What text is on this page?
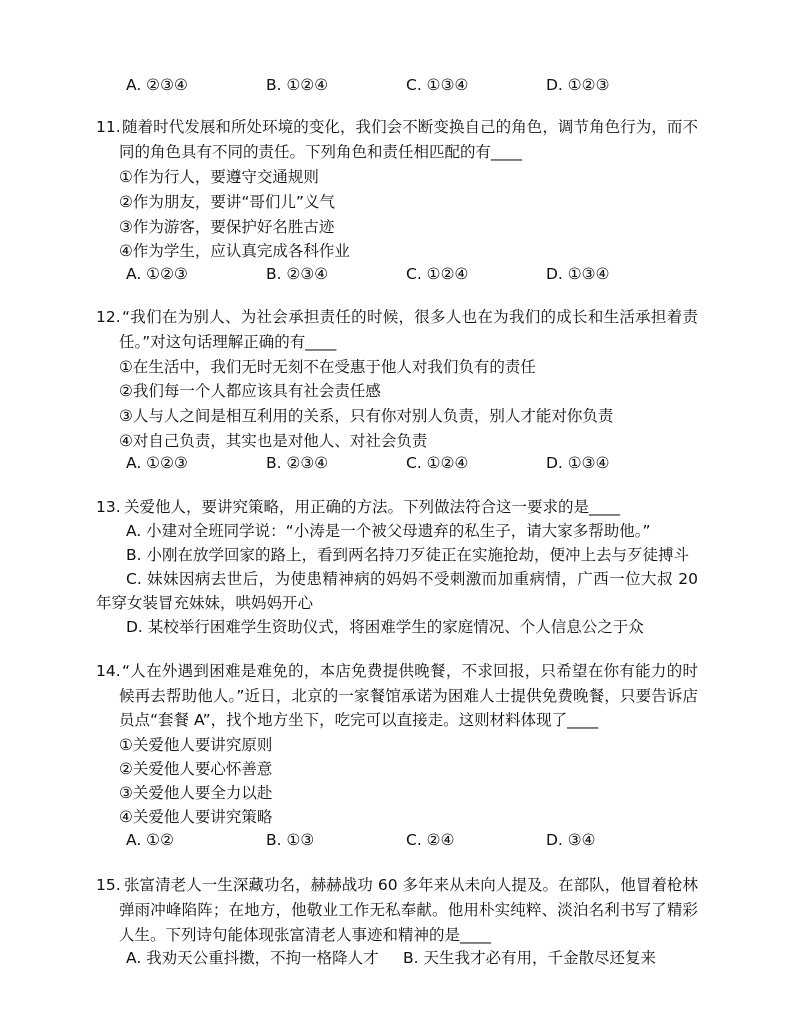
A. ②③④	B. ①②④	C. ①③④	D. ①②③
11. 随着时代发展和所处环境的变化，我们会不断变换自己的角色，调节角色行为，而不
同的角色具有不同的责任。下列角色和责任相匹配的有____
①作为行人，要遵守交通规则
②作为朋友，要讲“哥们儿”义气
③作为游客，要保护好名胜古迹
④作为学生，应认真完成各科作业
A. ①②③	B. ②③④	C. ①②④	D. ①③④
12. “我们在为别人、为社会承担责任的时候，很多人也在为我们的成长和生活承担着责
任。”对这句话理解正确的有____
①在生活中，我们无时无刻不在受惠于他人对我们负有的责任
②我们每一个人都应该具有社会责任感
③人与人之间是相互利用的关系，只有你对别人负责，别人才能对你负责
④对自己负责，其实也是对他人、对社会负责
A. ①②③	B. ②③④	C. ①②④	D. ①③④
13. 关爱他人，要讲究策略，用正确的方法。下列做法符合这一要求的是____
A. 小建对全班同学说：“小涛是一个被父母遗弃的私生子，请大家多帮助他。”
B. 小刚在放学回家的路上，看到两名持刀歹徒正在实施抢劫，便冲上去与歹徒搏斗
C. 妹妹因病去世后，为使患精神病的妈妈不受刺激而加重病情，广西一位大叔 20
年穿女装冒充妹妹，哄妈妈开心
D. 某校举行困难学生资助仪式，将困难学生的家庭情况、个人信息公之于众
14. “人在外遇到困难是难免的，本店免费提供晚餐，不求回报，只希望在你有能力的时
候再去帮助他人。”近日，北京的一家餐馆承诺为困难人士提供免费晚餐，只要告诉店
员点“套餐 A”，找个地方坐下，吃完可以直接走。这则材料体现了____
①关爱他人要讲究原则
②关爱他人要心怀善意
③关爱他人要全力以赴
④关爱他人要讲究策略
A. ①②	B. ①③	C. ②④	D. ③④
15. 张富清老人一生深藏功名，赫赫战功 60 多年来从未向人提及。在部队，他冒着枪林
弹雨冲峰陷阵；在地方，他敬业工作无私奉献。他用朴实纯粹、淡泊名利书写了精彩
人生。下列诗句能体现张富清老人事迹和精神的是____
A. 我劝天公重抖擞，不拘一格降人才 B. 天生我才必有用，千金散尽还复来
